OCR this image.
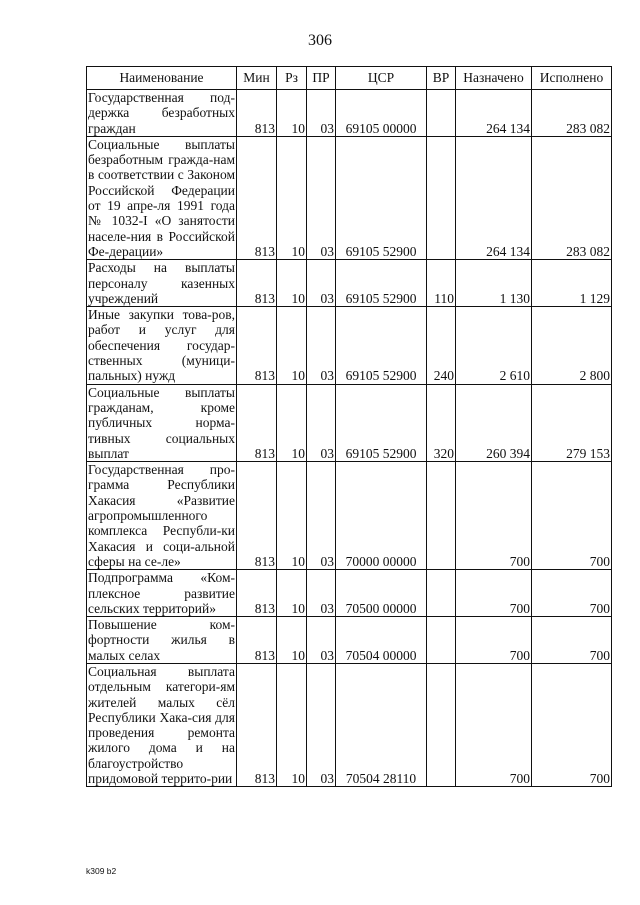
306
Наименование	Мин	Рз	ПР	ЦСР	ВР	Назначено	Исполнено
Государственная под-держка безработных граждан	813	10	03	69105 00000		264 134	283 082
Социальные выплаты безработным гражда-нам в соответствии с Законом Российской Федерации от 19 апре-ля 1991 года № 1032-I «О занятости населе-ния в Российской Фе-дерации»	813	10	03	69105 52900		264 134	283 082
Расходы на выплаты персоналу казенных учреждений	813	10	03	69105 52900	110	1 130	1 129
Иные закупки това-ров, работ и услуг для обеспечения государ-ственных (муници-пальных) нужд	813	10	03	69105 52900	240	2 610	2 800
Социальные выплаты гражданам, кроме публичных норма-тивных социальных выплат	813	10	03	69105 52900	320	260 394	279 153
Государственная про-грамма Республики Хакасия «Развитие агропромышленного комплекса Республи-ки Хакасия и соци-альной сферы на се-ле»	813	10	03	70000 00000		700	700
Подпрограмма «Ком-плексное развитие сельских территорий»	813	10	03	70500 00000		700	700
Повышение ком-фортности жилья в малых селах	813	10	03	70504 00000		700	700
Социальная выплата отдельным категори-ям жителей малых сёл Республики Хака-сия для проведения ремонта жилого дома и на благоустройство придомовой террито-рии	813	10	03	70504 28110		700	700
k309 b2
